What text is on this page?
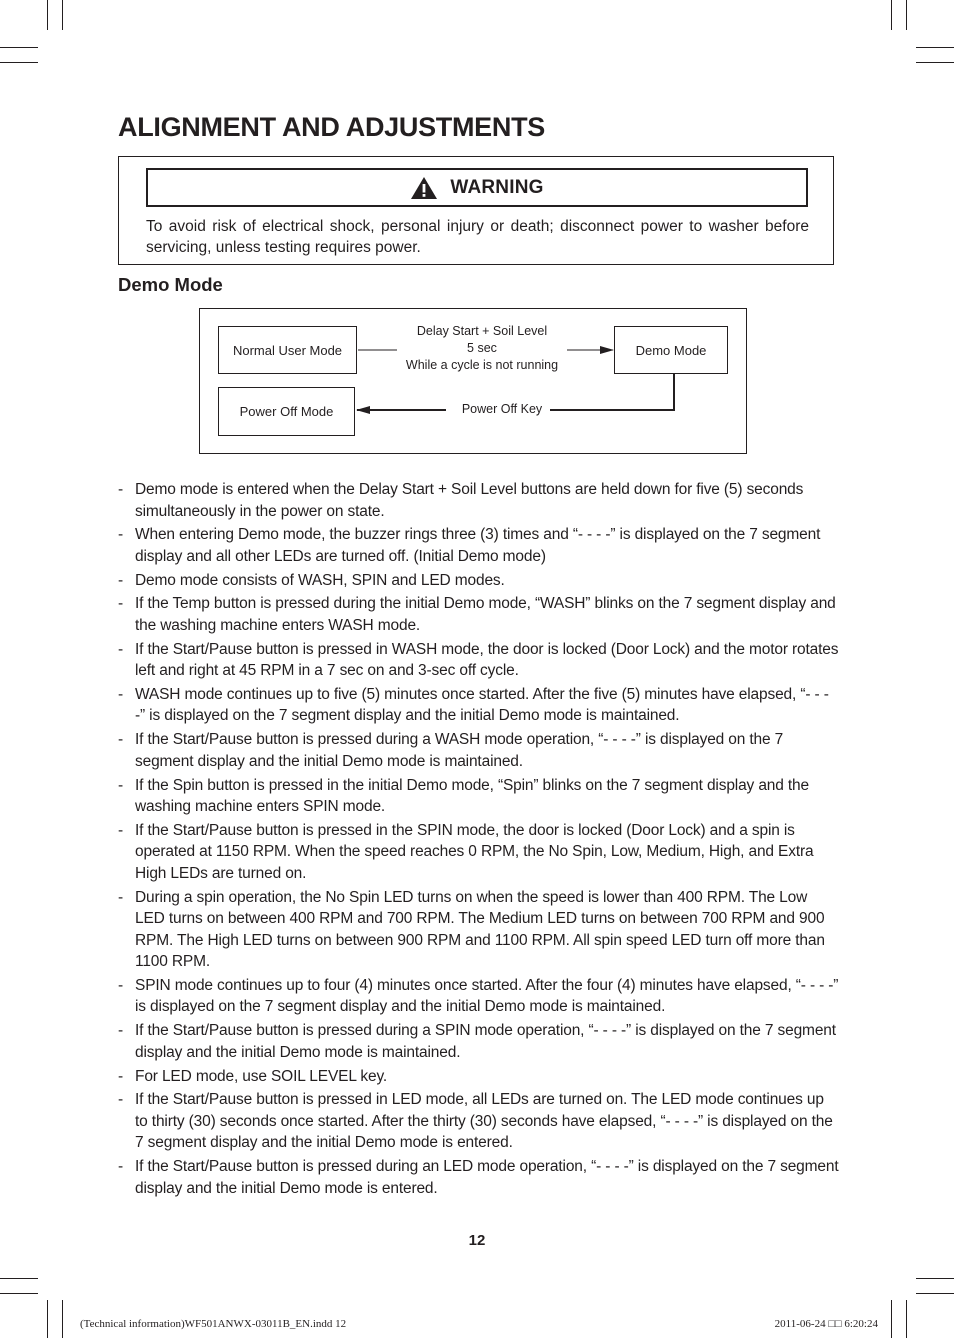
ALIGNMENT AND ADJUSTMENTS
WARNING
To avoid risk of electrical shock, personal injury or death; disconnect power to washer before servicing, unless testing requires power.
Demo Mode
Normal User Mode	Demo Mode
Power Off Mode
Delay Start + Soil Level
5 sec
While a cycle is not running
Power Off Key
- Demo mode is entered when the Delay Start + Soil Level buttons are held down for five (5) seconds simultaneously in the power on state.
- When entering Demo mode, the buzzer rings three (3) times and “- - - -” is displayed on the 7 segment display and all other LEDs are turned off. (Initial Demo mode)
- Demo mode consists of WASH, SPIN and LED modes.
- If the Temp button is pressed during the initial Demo mode, “WASH” blinks on the 7 segment display and the washing machine enters WASH mode.
- If the Start/Pause button is pressed in WASH mode, the door is locked (Door Lock) and the motor rotates left and right at 45 RPM in a 7 sec on and 3-sec off cycle.
- WASH mode continues up to five (5) minutes once started. After the five (5) minutes have elapsed, “- - - -” is displayed on the 7 segment display and the initial Demo mode is maintained.
- If the Start/Pause button is pressed during a WASH mode operation, “- - - -” is displayed on the 7 segment display and the initial Demo mode is maintained.
- If the Spin button is pressed in the initial Demo mode, “Spin” blinks on the 7 segment display and the washing machine enters SPIN mode.
- If the Start/Pause button is pressed in the SPIN mode, the door is locked (Door Lock) and a spin is operated at 1150 RPM. When the speed reaches 0 RPM, the No Spin, Low, Medium, High, and Extra High LEDs are turned on.
- During a spin operation, the No Spin LED turns on when the speed is lower than 400 RPM. The Low LED turns on between 400 RPM and 700 RPM. The Medium LED turns on between 700 RPM and 900 RPM. The High LED turns on between 900 RPM and 1100 RPM. All spin speed LED turn off more than 1100 RPM.
- SPIN mode continues up to four (4) minutes once started. After the four (4) minutes have elapsed, “- - - -” is displayed on the 7 segment display and the initial Demo mode is maintained.
- If the Start/Pause button is pressed during a SPIN mode operation, “- - - -” is displayed on the 7 segment display and the initial Demo mode is maintained.
- For LED mode, use SOIL LEVEL key.
- If the Start/Pause button is pressed in LED mode, all LEDs are turned on. The LED mode continues up to thirty (30) seconds once started. After the thirty (30) seconds have elapsed, “- - - -” is displayed on the 7 segment display and the initial Demo mode is entered.
- If the Start/Pause button is pressed during an LED mode operation, “- - - -” is displayed on the 7 segment display and the initial Demo mode is entered.
12
(Technical information)WF501ANWX-03011B_EN.indd 12	2011-06-24 □□ 6:20:24
